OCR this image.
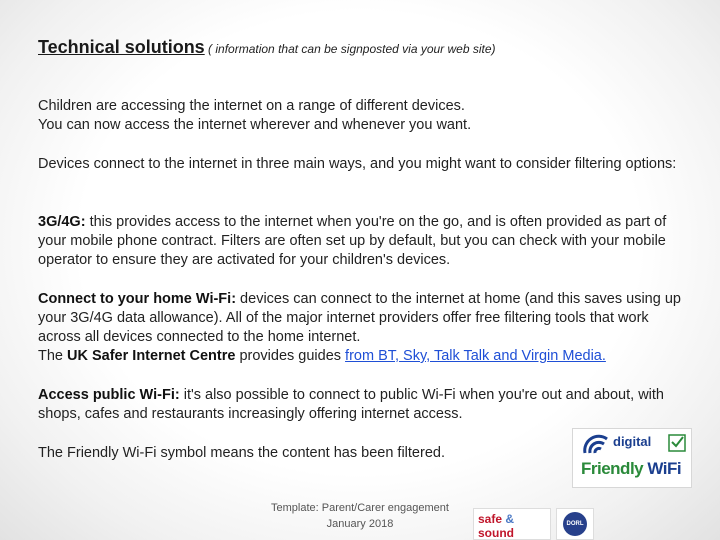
Technical solutions ( information that can be signposted via your web site)
Children are accessing the internet on a range of different devices.
You can now access the internet wherever and whenever you want.
Devices connect to the internet in three main ways, and you might want to consider filtering options:
3G/4G: this provides access to the internet when you're on the go, and is often provided as part of your mobile phone contract. Filters are often set up by default, but you can check with your mobile operator to ensure they are activated for your children's devices.
Connect to your home Wi-Fi: devices can connect to the internet at home (and this saves using up your 3G/4G data allowance). All of the major internet providers offer free filtering tools that work across all devices connected to the home internet.
The UK Safer Internet Centre provides guides from BT, Sky, Talk Talk and Virgin Media.
Access public Wi-Fi: it's also possible to connect to public Wi-Fi when you're out and about, with shops, cafes and restaurants increasingly offering internet access.
The Friendly Wi-Fi symbol means the content has been filtered.
digital
Friendly WiFi
Template: Parent/Carer engagement
January 2018	safe & sound
DORL
